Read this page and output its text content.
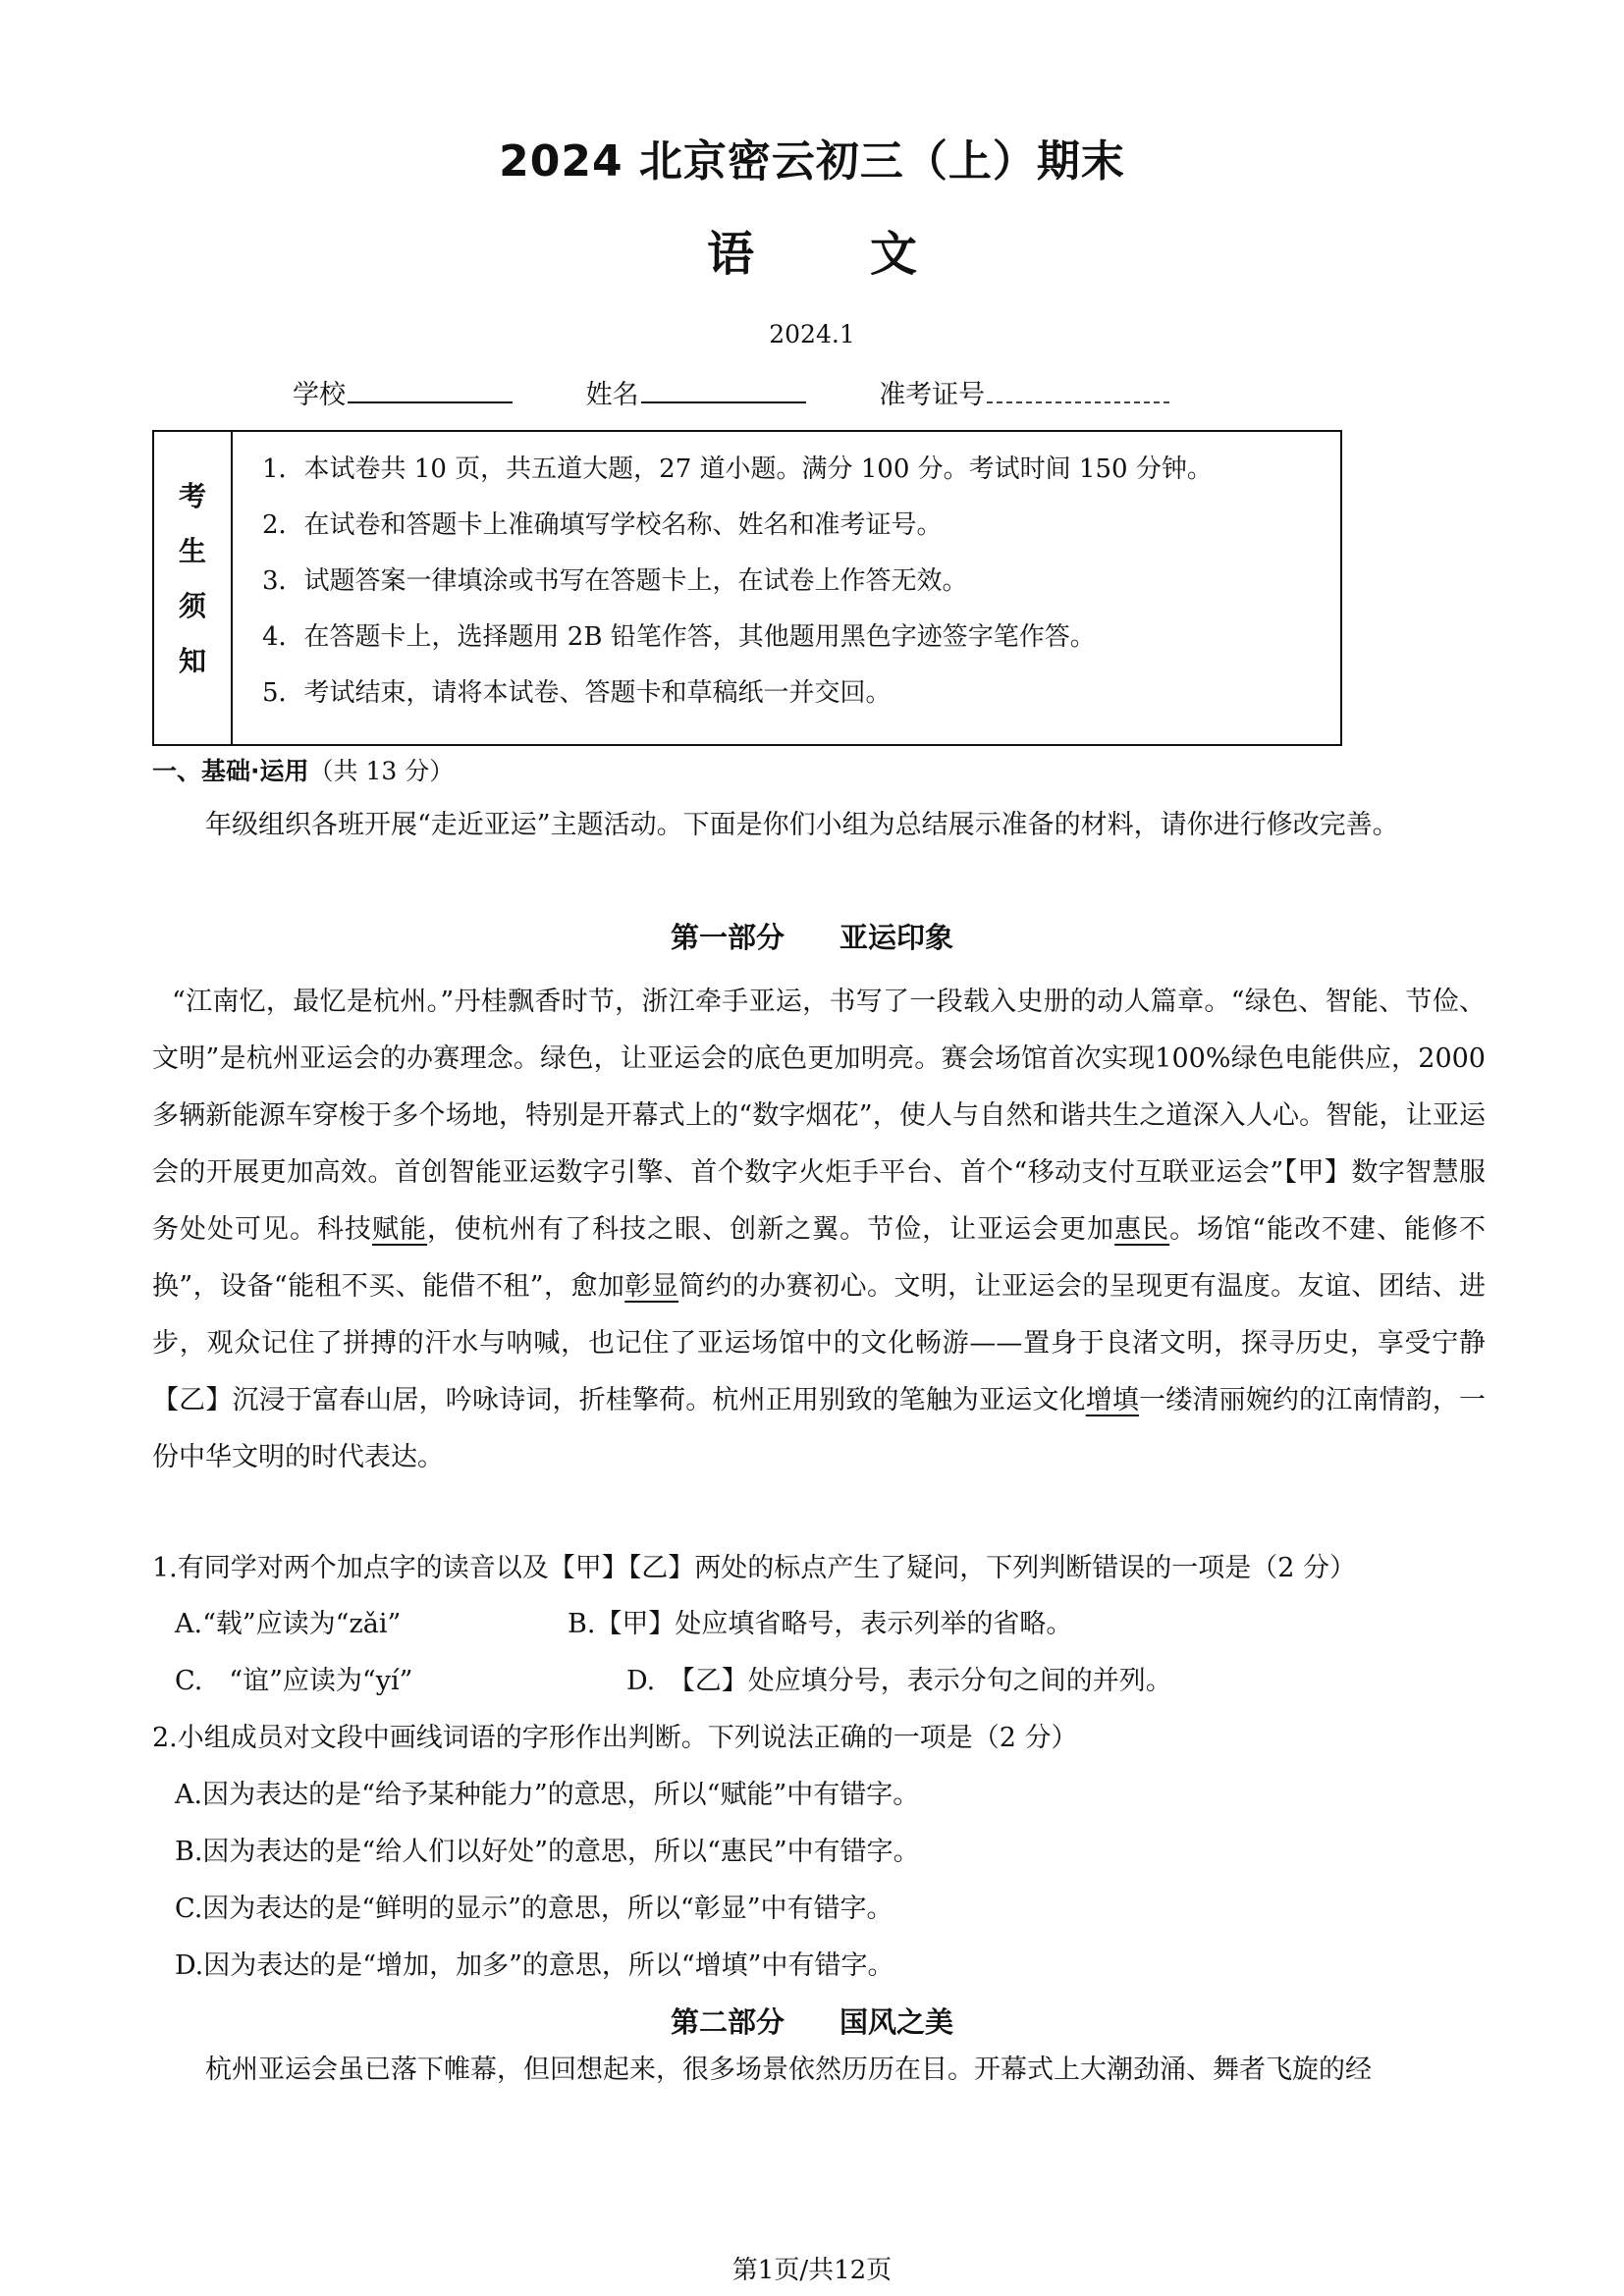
2024 北京密云初三（上）期末
语 文
2024.1
学校	姓名	准考证号
考
生
须
知
1．本试卷共 10 页，共五道大题，27 道小题。满分 100 分。考试时间 150 分钟。
2．在试卷和答题卡上准确填写学校名称、姓名和准考证号。
3．试题答案一律填涂或书写在答题卡上，在试卷上作答无效。
4．在答题卡上，选择题用 2B 铅笔作答，其他题用黑色字迹签字笔作答。
5．考试结束，请将本试卷、答题卡和草稿纸一并交回。
一、基础·运用（共 13 分）
年级组织各班开展“走近亚运”主题活动。下面是你们小组为总结展示准备的材料，请你进行修改完善。
第一部分 亚运印象
“江南忆，最忆是杭州。”丹桂飘香时节，浙江牵手亚运，书写了一段载入史册的动人篇章。“绿色、智能、节俭、文明”是杭州亚运会的办赛理念。绿色，让亚运会的底色更加明亮。赛会场馆首次实现100%绿色电能供应，2000 多辆新能源车穿梭于多个场地，特别是开幕式上的“数字烟花”，使人与自然和谐共生之道深入人心。智能，让亚运会的开展更加高效。首创智能亚运数字引擎、首个数字火炬手平台、首个“移动支付互联亚运会”【甲】数字智慧服务处处可见。科技赋能，使杭州有了科技之眼、创新之翼。节俭，让亚运会更加惠民。场馆“能改不建、能修不换”，设备“能租不买、能借不租”，愈加彰显简约的办赛初心。文明，让亚运会的呈现更有温度。友谊、团结、进步，观众记住了拼搏的汗水与呐喊，也记住了亚运场馆中的文化畅游——置身于良渚文明，探寻历史，享受宁静【乙】沉浸于富春山居，吟咏诗词，折桂擎荷。杭州正用别致的笔触为亚运文化增填一缕清丽婉约的江南情韵，一份中华文明的时代表达。
1.有同学对两个加点字的读音以及【甲】【乙】两处的标点产生了疑问，下列判断错误的一项是（2 分）
A.“载”应读为“zǎi”	B.【甲】处应填省略号，表示列举的省略。
C.　“谊”应读为“yí”	D.　【乙】处应填分号，表示分句之间的并列。
2.小组成员对文段中画线词语的字形作出判断。下列说法正确的一项是（2 分）
A.因为表达的是“给予某种能力”的意思，所以“赋能”中有错字。
B.因为表达的是“给人们以好处”的意思，所以“惠民”中有错字。
C.因为表达的是“鲜明的显示”的意思，所以“彰显”中有错字。
D.因为表达的是“增加，加多”的意思，所以“增填”中有错字。
第二部分 国风之美
杭州亚运会虽已落下帷幕，但回想起来，很多场景依然历历在目。开幕式上大潮劲涌、舞者飞旋的经
第1页/共12页
